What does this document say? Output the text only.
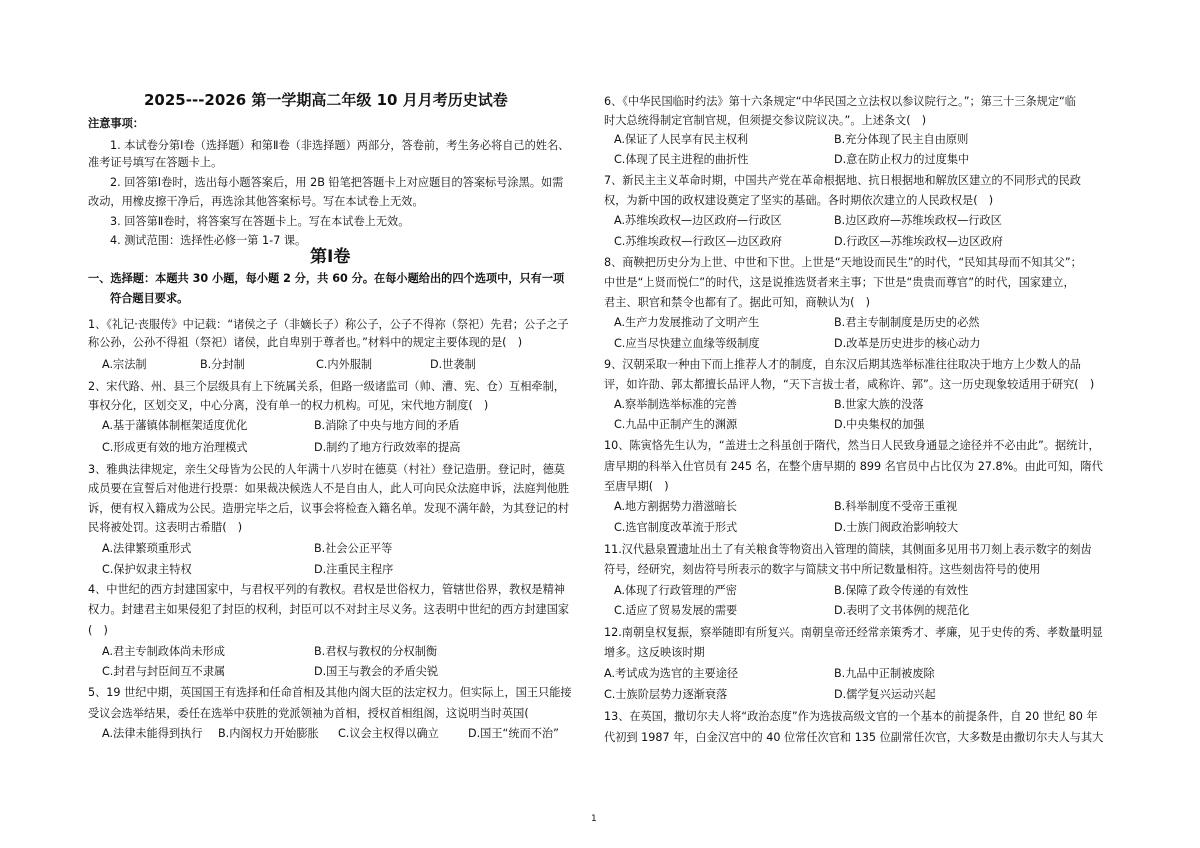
2025---2026 第一学期高二年级 10 月月考历史试卷
注意事项：
1. 本试卷分第Ⅰ卷（选择题）和第Ⅱ卷（非选择题）两部分，答卷前，考生务必将自己的姓名、
准考证号填写在答题卡上。
2. 回答第Ⅰ卷时，选出每小题答案后，用 2B 铅笔把答题卡上对应题目的答案标号涂黑。如需
改动，用橡皮擦干净后，再选涂其他答案标号。写在本试卷上无效。
3. 回答第Ⅱ卷时，将答案写在答题卡上。写在本试卷上无效。
4. 测试范围：选择性必修一第 1-7 课。
第Ⅰ卷
一、选择题：本题共 30 小题，每小题 2 分，共 60 分。在每小题给出的四个选项中，只有一项
符合题目要求。
1、《礼记·丧服传》中记载：“诸侯之子（非嫡长子）称公子，公子不得祢（祭祀）先君；公子之子
称公孙，公孙不得祖（祭祀）诸侯，此自卑别于尊者也。”材料中的规定主要体现的是(　)
A.宗法制	B.分封制	C.内外服制	D.世袭制
2、宋代路、州、县三个层级具有上下统属关系，但路一级诸监司（帅、漕、宪、仓）互相牵制，
事权分化，区划交叉，中心分离，没有单一的权力机构。可见，宋代地方制度(　)
A.基于藩镇体制框架适度优化	B.消除了中央与地方间的矛盾
C.形成更有效的地方治理模式	D.制约了地方行政效率的提高
3、雅典法律规定，亲生父母皆为公民的人年满十八岁时在德莫（村社）登记造册。登记时，德莫
成员要在宣誓后对他进行投票：如果裁决候选人不是自由人，此人可向民众法庭申诉，法庭判他胜
诉，便有权入籍成为公民。造册完毕之后，议事会将检查入籍名单。发现不满年龄，为其登记的村
民将被处罚。这表明古希腊(　)
A.法律繁琐重形式	B.社会公正平等
C.保护奴隶主特权	D.注重民主程序
4、中世纪的西方封建国家中，与君权平列的有教权。君权是世俗权力，管辖世俗界，教权是精神
权力。封建君主如果侵犯了封臣的权利，封臣可以不对封主尽义务。这表明中世纪的西方封建国家
(　)
A.君主专制政体尚未形成	B.君权与教权的分权制衡
C.封君与封臣间互不隶属	D.国王与教会的矛盾尖锐
5、19 世纪中期，英国国王有选择和任命首相及其他内阁大臣的法定权力。但实际上，国王只能接
受议会选举结果，委任在选举中获胜的党派领袖为首相，授权首相组阁，这说明当时英国(
A.法律未能得到执行 B.内阁权力开始膨胀 C.议会主权得以确立	D.国王“统而不治”
6、《中华民国临时约法》第十六条规定“中华民国之立法权以参议院行之。”；第三十三条规定“临
时大总统得制定官制官规，但须提交参议院议决。”。上述条文(　)
A.保证了人民享有民主权利	B.充分体现了民主自由原则
C.体现了民主进程的曲折性	D.意在防止权力的过度集中
7、新民主主义革命时期，中国共产党在革命根据地、抗日根据地和解放区建立的不同形式的民政
权，为新中国的政权建设奠定了坚实的基础。各时期依次建立的人民政权是(　)
A.苏维埃政权—边区政府—行政区	B.边区政府—苏维埃政权—行政区
C.苏维埃政权—行政区—边区政府	D.行政区—苏维埃政权—边区政府
8、商鞅把历史分为上世、中世和下世。上世是“天地设而民生”的时代，“民知其母而不知其父”；
中世是“上贤而悦仁”的时代，这是说推选贤者来主事；下世是“贵贵而尊官”的时代，国家建立，
君主、职官和禁令也都有了。据此可知，商鞅认为(　)
A.生产力发展推动了文明产生	B.君主专制制度是历史的必然
C.应当尽快建立血缘等级制度	D.改革是历史进步的核心动力
9、汉朝采取一种由下而上推荐人才的制度，自东汉后期其选举标准往往取决于地方上少数人的品
评，如许劭、郭太都擅长品评人物，“天下言拔士者，咸称许、郭”。这一历史现象较适用于研究(　)
A.察举制选举标准的完善	B.世家大族的没落
C.九品中正制产生的渊源	D.中央集权的加强
10、陈寅恪先生认为，“盖进士之科虽创于隋代，然当日人民致身通显之途径并不必由此”。据统计，
唐早期的科举入仕官员有 245 名，在整个唐早期的 899 名官员中占比仅为 27.8%。由此可知，隋代
至唐早期(　)
A.地方割据势力潜滋暗长	B.科举制度不受帝王重视
C.选官制度改革流于形式	D.士族门阀政治影响较大
11.汉代悬泉置遗址出土了有关粮食等物资出入管理的简牍，其侧面多见用书刀刻上表示数字的刻齿
符号，经研究，刻齿符号所表示的数字与简牍文书中所记数量相符。这些刻齿符号的使用
A.体现了行政管理的严密	B.保障了政令传递的有效性
C.适应了贸易发展的需要	D.表明了文书体例的规范化
12.南朝皇权复振，察举随即有所复兴。南朝皇帝还经常亲策秀才、孝廉，见于史传的秀、孝数量明显
增多。这反映该时期
A.考试成为选官的主要途径	B.九品中正制被废除
C.士族阶层势力逐渐衰落	D.儒学复兴运动兴起
13、在英国，撒切尔夫人将“政治态度”作为选拔高级文官的一个基本的前提条件，自 20 世纪 80 年
代初到 1987 年，白金汉宫中的 40 位常任次官和 135 位副常任次官，大多数是由撒切尔夫人与其大
1
